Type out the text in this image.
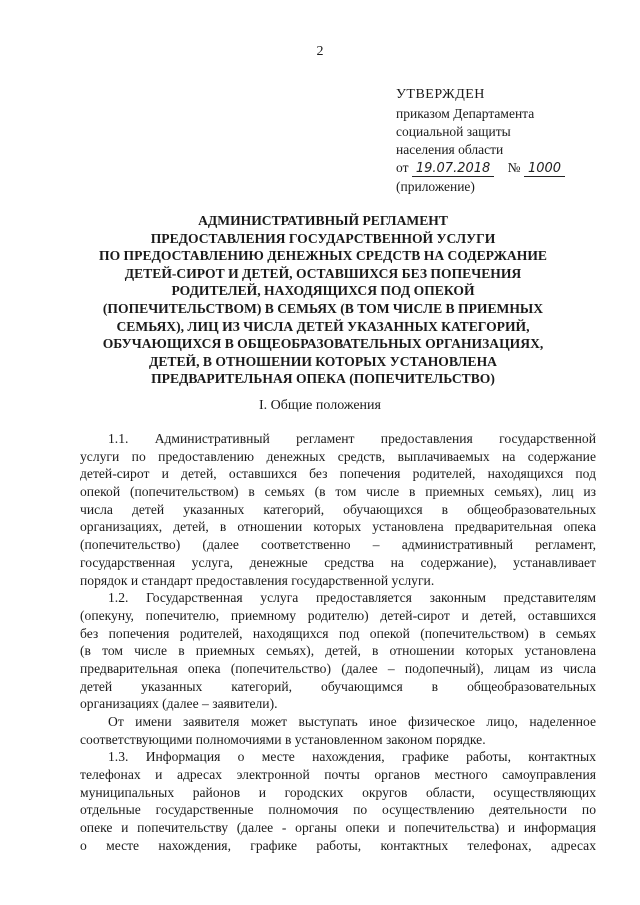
2
УТВЕРЖДЕН
приказом Департамента
социальной защиты
населения области
от 19.07.2018 № 1000
(приложение)
АДМИНИСТРАТИВНЫЙ РЕГЛАМЕНТ
ПРЕДОСТАВЛЕНИЯ ГОСУДАРСТВЕННОЙ УСЛУГИ
ПО ПРЕДОСТАВЛЕНИЮ ДЕНЕЖНЫХ СРЕДСТВ НА СОДЕРЖАНИЕ
ДЕТЕЙ-СИРОТ И ДЕТЕЙ, ОСТАВШИХСЯ БЕЗ ПОПЕЧЕНИЯ
РОДИТЕЛЕЙ, НАХОДЯЩИХСЯ ПОД ОПЕКОЙ
(ПОПЕЧИТЕЛЬСТВОМ) В СЕМЬЯХ (В ТОМ ЧИСЛЕ В ПРИЕМНЫХ
СЕМЬЯХ), ЛИЦ ИЗ ЧИСЛА ДЕТЕЙ УКАЗАННЫХ КАТЕГОРИЙ,
ОБУЧАЮЩИХСЯ В ОБЩЕОБРАЗОВАТЕЛЬНЫХ ОРГАНИЗАЦИЯХ,
ДЕТЕЙ, В ОТНОШЕНИИ КОТОРЫХ УСТАНОВЛЕНА
ПРЕДВАРИТЕЛЬНАЯ ОПЕКА (ПОПЕЧИТЕЛЬСТВО)
I. Общие положения
1.1. Административный регламент предоставления государственной
услуги по предоставлению денежных средств, выплачиваемых на содержание
детей-сирот и детей, оставшихся без попечения родителей, находящихся под
опекой (попечительством) в семьях (в том числе в приемных семьях), лиц из
числа детей указанных категорий, обучающихся в общеобразовательных
организациях, детей, в отношении которых установлена предварительная опека
(попечительство) (далее соответственно – административный регламент,
государственная услуга, денежные средства на содержание), устанавливает
порядок и стандарт предоставления государственной услуги.
1.2. Государственная услуга предоставляется законным представителям
(опекуну, попечителю, приемному родителю) детей-сирот и детей, оставшихся
без попечения родителей, находящихся под опекой (попечительством) в семьях
(в том числе в приемных семьях), детей, в отношении которых установлена
предварительная опека (попечительство) (далее – подопечный), лицам из числа
детей указанных категорий, обучающимся в общеобразовательных
организациях (далее – заявители).
От имени заявителя может выступать иное физическое лицо, наделенное
соответствующими полномочиями в установленном законом порядке.
1.3. Информация о месте нахождения, графике работы, контактных
телефонах и адресах электронной почты органов местного самоуправления
муниципальных районов и городских округов области, осуществляющих
отдельные государственные полномочия по осуществлению деятельности по
опеке и попечительству (далее - органы опеки и попечительства) и информация
о месте нахождения, графике работы, контактных телефонах, адресах
